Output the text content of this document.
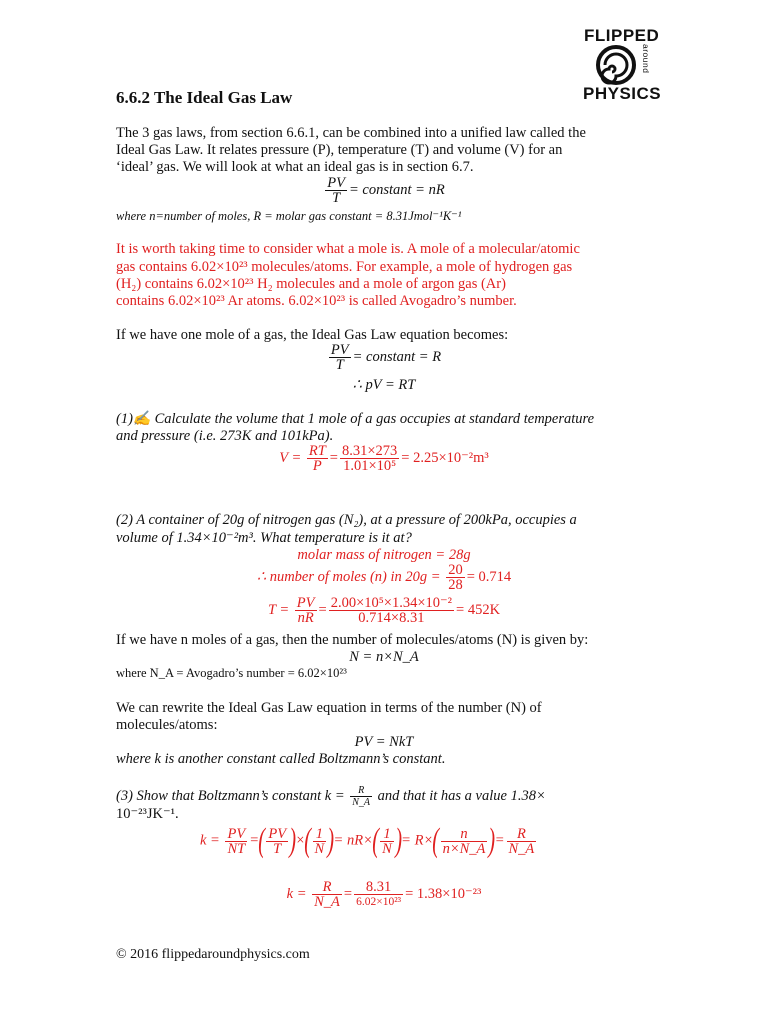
FLIPPED
around
PHYSICS
6.6.2 The Ideal Gas Law
The 3 gas laws, from section 6.6.1, can be combined into a unified law called the
Ideal Gas Law. It relates pressure (P), temperature (T) and volume (V) for an
‘ideal’ gas. We will look at what an ideal gas is in section 6.7.
$\frac{PV}{T}$ = constant = nR
where n=number of moles, R = molar gas constant = 8.31Jmol⁻¹K⁻¹
It is worth taking time to consider what a mole is. A mole of a molecular/atomic
gas contains 6.02×10²³ molecules/atoms. For example, a mole of hydrogen gas
(H₂) contains 6.02×10²³ H₂ molecules and a mole of argon gas (Ar)
contains 6.02×10²³ Ar atoms. 6.02×10²³ is called Avogadro’s number.
If we have one mole of a gas, the Ideal Gas Law equation becomes:
$\frac{PV}{T}$ = constant = R
∴ pV = RT
(1)✍ Calculate the volume that 1 mole of a gas occupies at standard temperature
and pressure (i.e. 273K and 101kPa).
$V = \frac{RT}{P} = \frac{8.31\times 273}{\text{1.01×10⁵}} = 2.25\times 10^{-2}m^3$
(2) A container of 20g of nitrogen gas (N₂), at a pressure of 200kPa, occupies a
volume of 1.34×10⁻²m³. What temperature is it at?
molar mass of nitrogen = 28g
∴ number of moles (n) in $20g = \frac{20}{28} = 0.714$
$T = \frac{PV}{nR} = \frac{\text{2.00×10⁵×1.34×10⁻²}}{0.714\times 8.31} = 452K$
If we have n moles of a gas, then the number of molecules/atoms (N) is given by:
N = n×N_A
where N_A = Avogadro’s number = 6.02×10²³
We can rewrite the Ideal Gas Law equation in terms of the number (N) of
molecules/atoms:
PV = NkT
where k is another constant called Boltzmann’s constant.
(3) Show that Boltzmann’s constant $k = \frac{R}{N\_A}$ and that it has a value 1.38×
10⁻²³JK⁻¹.
$k = \frac{PV}{NT}$ =( $\frac{PV}{T}$ )×( $\frac{1}{N}$ )= $nR\times( \frac{1}{N}$ )= $R\times( \frac{n}{n\times N\_A}$ )= $\frac{R}{N\_A}$
$k = \frac{R}{N\_A} = \frac{8.31}{\text{6.02×10²³}} = 1.38\times 10^{-23}$
© 2016 flippedaroundphysics.com
